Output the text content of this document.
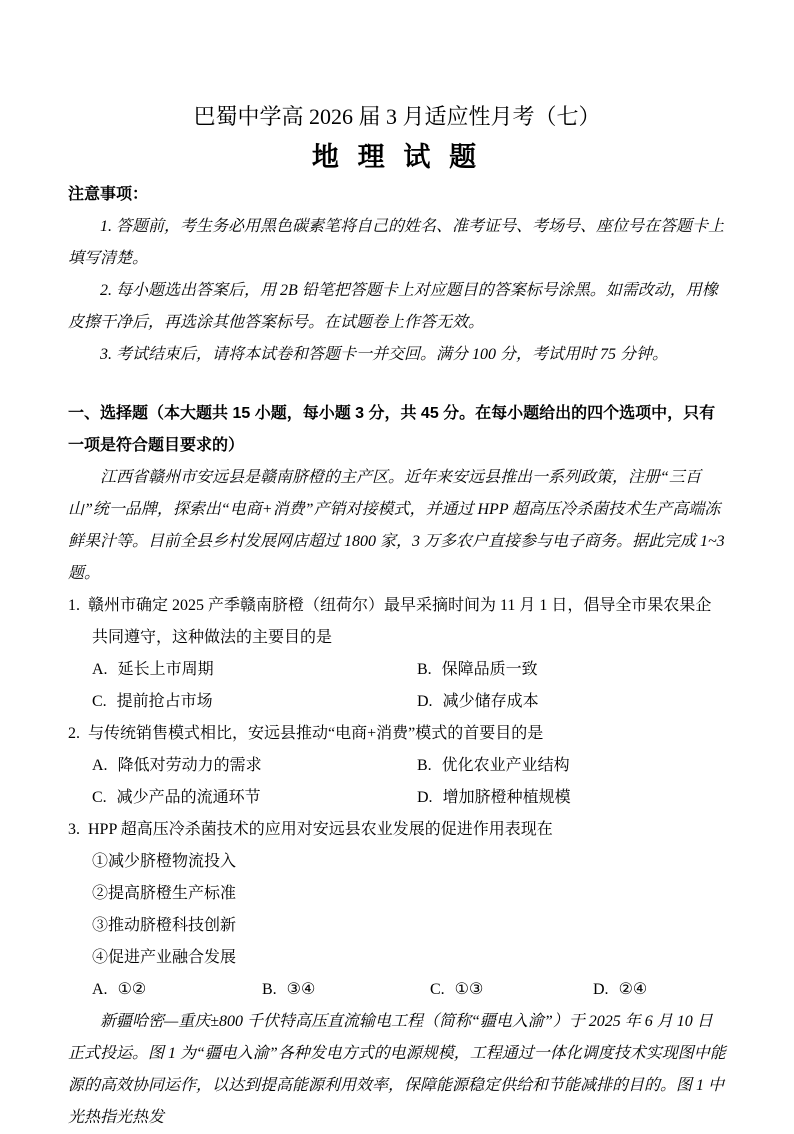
巴蜀中学高 2026 届 3 月适应性月考（七）
地 理 试 题
注意事项：

1. 答题前，考生务必用黑色碳素笔将自己的姓名、准考证号、考场号、座位号在答题卡上填写清楚。

2. 每小题选出答案后，用 2B 铅笔把答题卡上对应题目的答案标号涂黑。如需改动，用橡皮擦干净后，再选涂其他答案标号。在试题卷上作答无效。

3. 考试结束后，请将本试卷和答题卡一并交回。满分 100 分，考试用时 75 分钟。

一、选择题（本大题共 15 小题，每小题 3 分，共 45 分。在每小题给出的四个选项中，只有一项是符合题目要求的）

江西省赣州市安远县是赣南脐橙的主产区。近年来安远县推出一系列政策，注册“三百山”统一品牌，探索出“电商+消费”产销对接模式，并通过 HPP 超高压冷杀菌技术生产高端冻鲜果汁等。目前全县乡村发展网店超过 1800 家，3 万多农户直接参与电子商务。据此完成 1~3 题。

1. 赣州市确定 2025 产季赣南脐橙（纽荷尔）最早采摘时间为 11 月 1 日，倡导全市果农果企共同遵守，这种做法的主要目的是
A. 延长上市周期	B. 保障品质一致
C. 提前抢占市场	D. 减少储存成本
2. 与传统销售模式相比，安远县推动“电商+消费”模式的首要目的是
A. 降低对劳动力的需求	B. 优化农业产业结构
C. 减少产品的流通环节	D. 增加脐橙种植规模
3. HPP 超高压冷杀菌技术的应用对安远县农业发展的促进作用表现在

①减少脐橙物流投入

②提高脐橙生产标准

③推动脐橙科技创新

④促进产业融合发展

A. ①②	B. ③④	C. ①③	D. ②④

新疆哈密—重庆±800 千伏特高压直流输电工程（简称“疆电入渝”）于 2025 年 6 月 10 日正式投运。图 1 为“疆电入渝”各种发电方式的电源规模，工程通过一体化调度技术实现图中能源的高效协同运作，以达到提高能源利用效率，保障能源稳定供给和节能减排的目的。图 1 中光热指光热发
